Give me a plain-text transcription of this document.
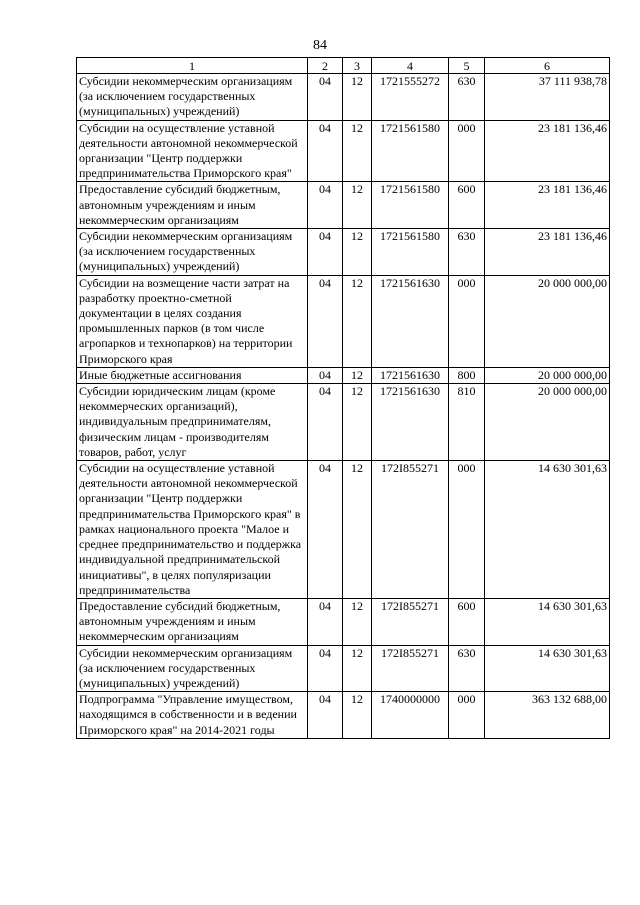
84
1	2	3	4	5	6
Субсидии некоммерческим организациям (за исключением государственных (муниципальных) учреждений)	04	12	1721555272	630	37 111 938,78
Субсидии на осуществление уставной деятельности автономной некоммерческой организации "Центр поддержки предпринимательства Приморского края"	04	12	1721561580	000	23 181 136,46
Предоставление субсидий бюджетным, автономным учреждениям и иным некоммерческим организациям	04	12	1721561580	600	23 181 136,46
Субсидии некоммерческим организациям (за исключением государственных (муниципальных) учреждений)	04	12	1721561580	630	23 181 136,46
Субсидии на возмещение части затрат на разработку проектно-сметной документации в целях создания промышленных парков (в том числе агропарков и технопарков) на территории Приморского края	04	12	1721561630	000	20 000 000,00
Иные бюджетные ассигнования	04	12	1721561630	800	20 000 000,00
Субсидии юридическим лицам (кроме некоммерческих организаций), индивидуальным предпринимателям, физическим лицам - производителям товаров, работ, услуг	04	12	1721561630	810	20 000 000,00
Субсидии на осуществление уставной деятельности автономной некоммерческой организации "Центр поддержки предпринимательства Приморского края" в рамках национального проекта "Малое и среднее предпринимательство и поддержка индивидуальной предпринимательской инициативы", в целях популяризации предпринимательства	04	12	172I855271	000	14 630 301,63
Предоставление субсидий бюджетным, автономным учреждениям и иным некоммерческим организациям	04	12	172I855271	600	14 630 301,63
Субсидии некоммерческим организациям (за исключением государственных (муниципальных) учреждений)	04	12	172I855271	630	14 630 301,63
Подпрограмма "Управление имуществом, находящимся в собственности и в ведении Приморского края" на 2014-2021 годы	04	12	1740000000	000	363 132 688,00
